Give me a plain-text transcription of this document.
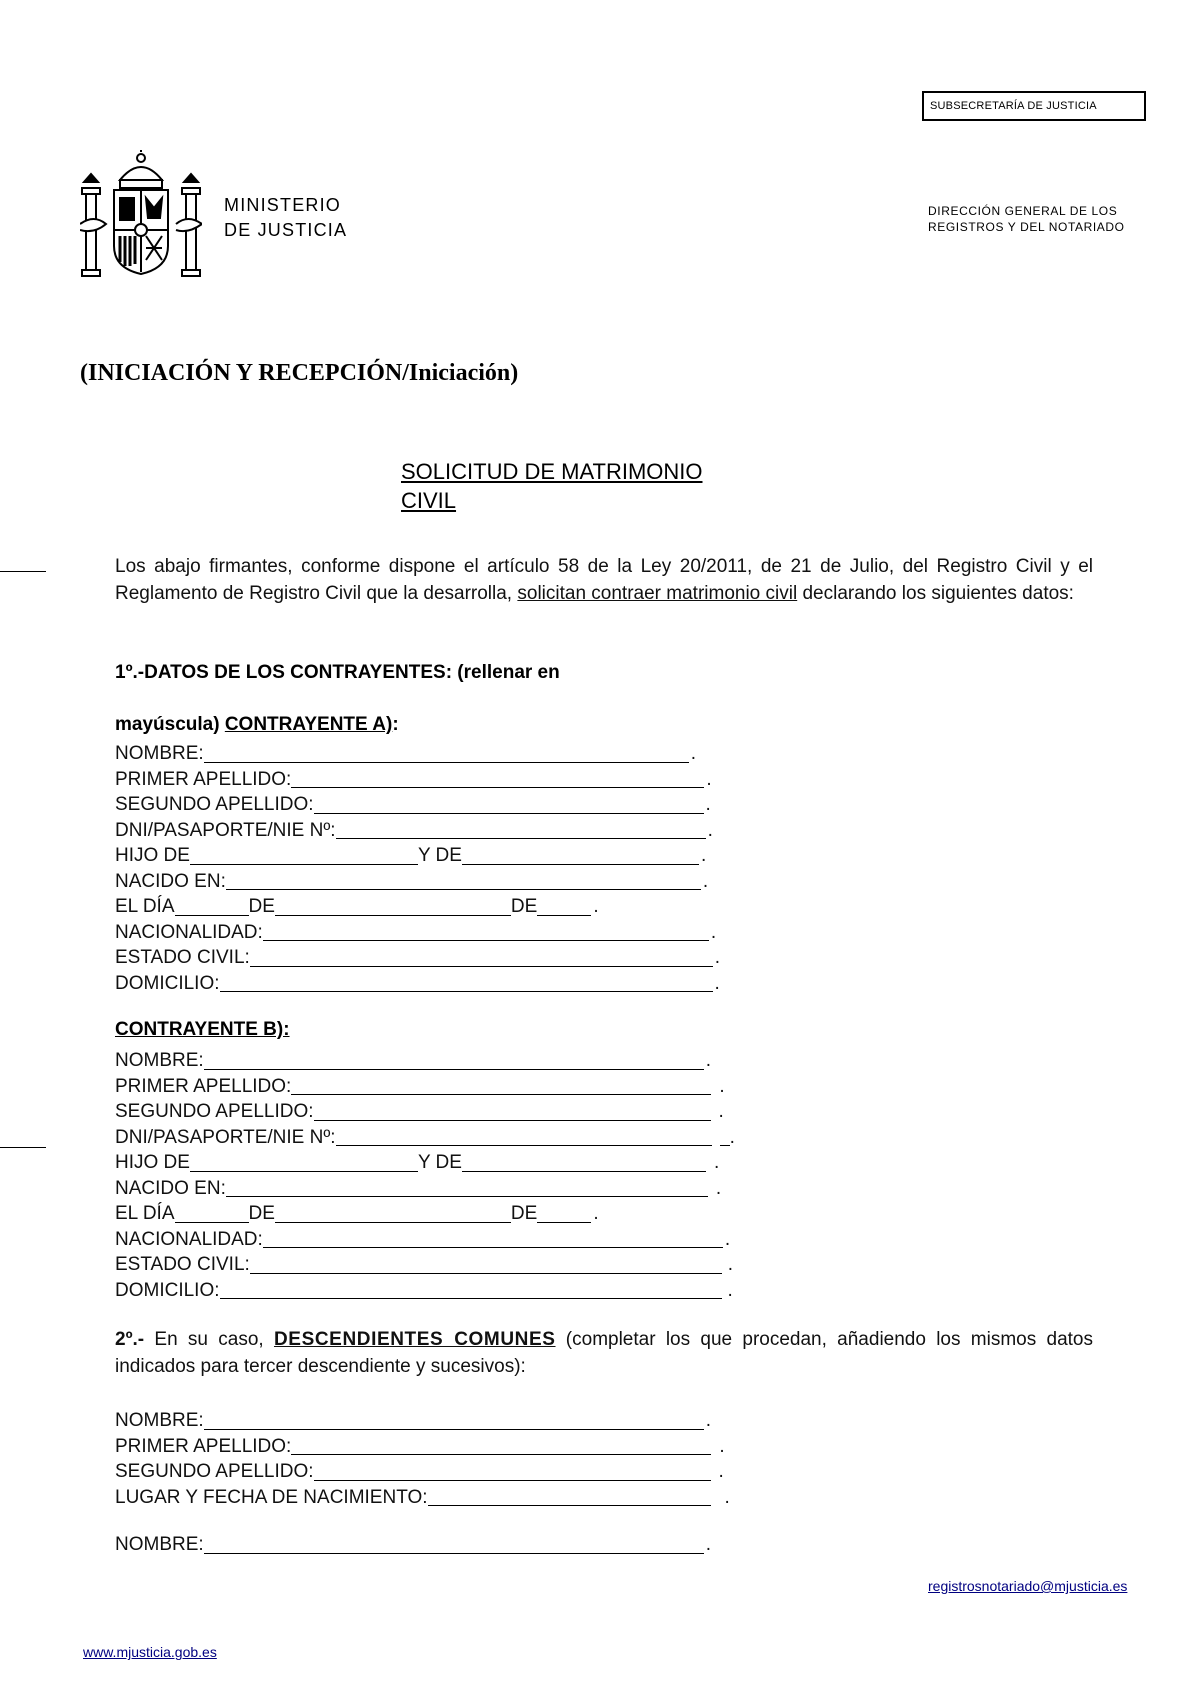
SUBSECRETARÍA DE JUSTICIA
MINISTERIO
DE JUSTICIA
DIRECCIÓN GENERAL DE LOS
REGISTROS Y DEL NOTARIADO
(INICIACIÓN Y RECEPCIÓN/Iniciación)
SOLICITUD DE MATRIMONIO
CIVIL
Los abajo firmantes, conforme dispone el artículo 58 de la Ley 20/2011, de 21 de Julio, del Registro Civil y el Reglamento de Registro Civil que la desarrolla, solicitan contraer matrimonio civil declarando los siguientes datos:
1º.-DATOS DE LOS CONTRAYENTES: (rellenar en
mayúscula) CONTRAYENTE A):
NOMBRE:	.
PRIMER APELLIDO:	.
SEGUNDO APELLIDO:	.
DNI/PASAPORTE/NIE Nº:	.
HIJO DE	Y DE	.
NACIDO EN:	.
EL DÍA	DE	DE	.
NACIONALIDAD:	.
ESTADO CIVIL:	.
DOMICILIO:	.
CONTRAYENTE B):
NOMBRE:	.
PRIMER APELLIDO:	.
SEGUNDO APELLIDO:	.
DNI/PASAPORTE/NIE Nº:	.
HIJO DE	Y DE	.
NACIDO EN:	.
EL DÍA	DE	DE	.
NACIONALIDAD:	.
ESTADO CIVIL:	.
DOMICILIO:	.
2º.- En su caso, DESCENDIENTES COMUNES (completar los que procedan, añadiendo los mismos datos indicados para tercer descendiente y sucesivos):
NOMBRE:	.
PRIMER APELLIDO:	.
SEGUNDO APELLIDO:	.
LUGAR Y FECHA DE NACIMIENTO:	.
NOMBRE:	.
registrosnotariado@mjusticia.es
www.mjusticia.gob.es
